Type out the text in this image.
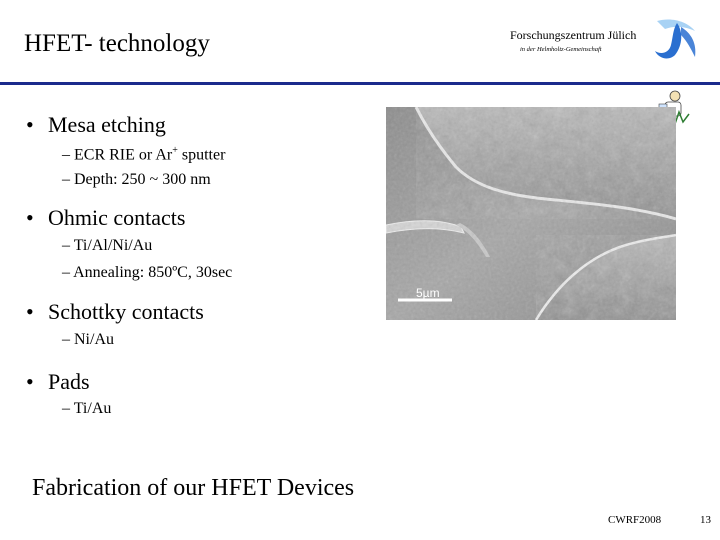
HFET- technology	Forschungszentrum Jülich
in der Helmholtz-Gemeinschaft
5µm
• Mesa etching
– ECR RIE or Ar+ sputter
– Depth: 250 ~ 300 nm
• Ohmic contacts
– Ti/Al/Ni/Au
– Annealing: 850ºC, 30sec
• Schottky contacts
– Ni/Au
• Pads
– Ti/Au
Fabrication of our HFET Devices
CWRF2008	13
